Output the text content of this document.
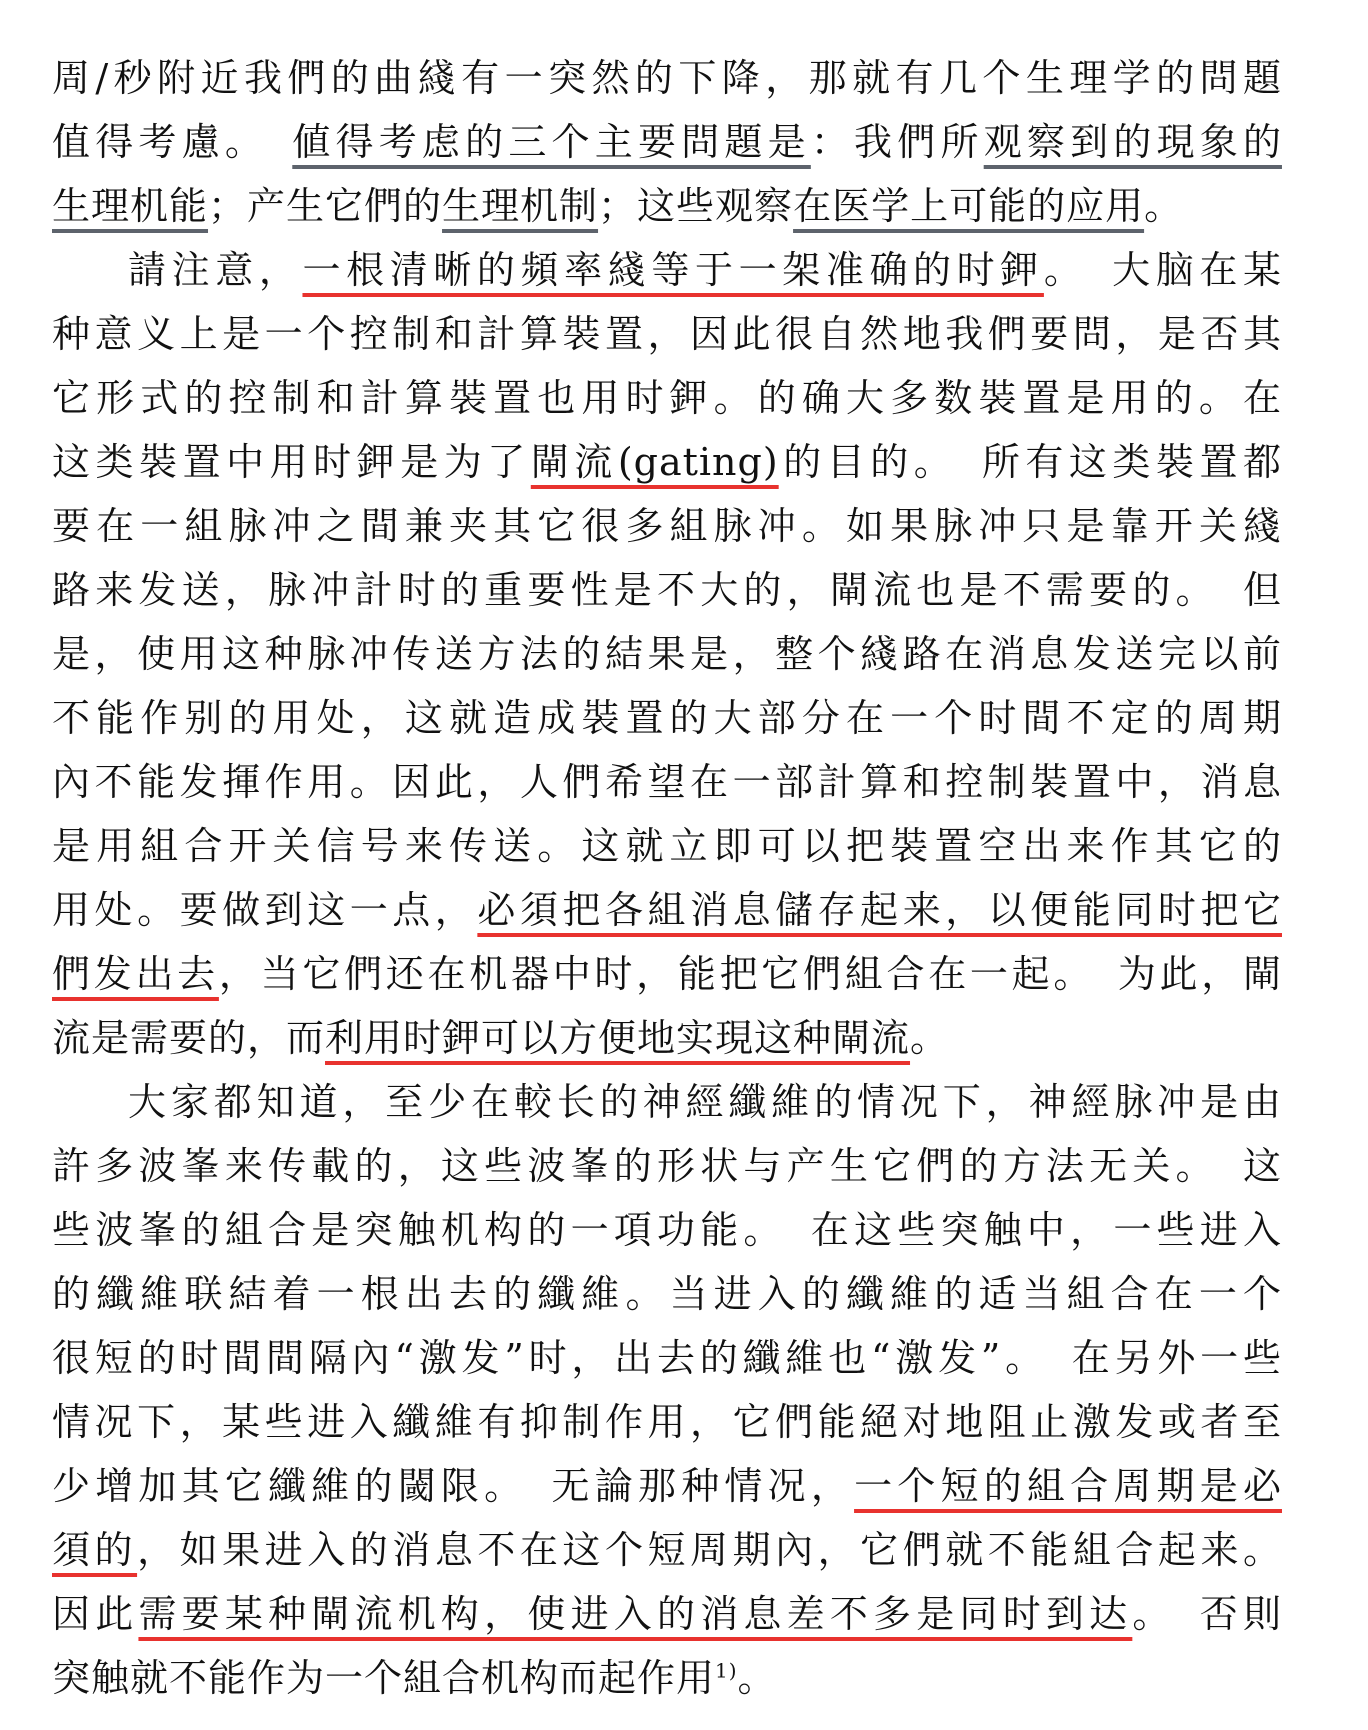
周/秒附近我們的曲綫有一突然的下降，那就有几个生理学的問題
值得考慮。　値得考虑的三个主要問題是：我們所观察到的現象的
生理机能；产生它們的生理机制；这些观察在医学上可能的应用。
請注意，一根清晰的頻率綫等于一架准确的时鉀。　大脑在某
种意义上是一个控制和計算裝置，因此很自然地我們要問，是否其
它形式的控制和計算裝置也用时鉀。的确大多数裝置是用的。在
这类裝置中用时鉀是为了閘流(gating)的目的。　所有这类裝置都
要在一組脉冲之間兼夹其它很多組脉冲。如果脉冲只是靠开关綫
路来发送，脉冲計时的重要性是不大的，閘流也是不需要的。　但
是，使用这种脉冲传送方法的結果是，整个綫路在消息发送完以前
不能作别的用处，这就造成裝置的大部分在一个时間不定的周期
內不能发揮作用。因此，人們希望在一部計算和控制裝置中，消息
是用組合开关信号来传送。这就立即可以把裝置空出来作其它的
用处。要做到这一点，必須把各組消息儲存起来，以便能同时把它
們发出去，当它們还在机器中时，能把它們組合在一起。　为此，閘
流是需要的，而利用时鉀可以方便地实現这种閘流。
大家都知道，至少在較长的神經纖維的情况下，神經脉冲是由
許多波峯来传載的，这些波峯的形状与产生它們的方法无关。　这
些波峯的組合是突触机构的一項功能。　在这些突触中，一些进入
的纖維联結着一根出去的纖維。当进入的纖維的适当組合在一个
很短的时間間隔內“激发”时，出去的纖維也“激发”。　在另外一些
情况下，某些进入纖維有抑制作用，它們能絕对地阻止激发或者至
少增加其它纖維的閾限。　无論那种情况，一个短的組合周期是必
須的，如果进入的消息不在这个短周期內，它們就不能組合起来。
因此需要某种閘流机构，使进入的消息差不多是同时到达。　否則
突触就不能作为一个組合机构而起作用$^{1)}$。
